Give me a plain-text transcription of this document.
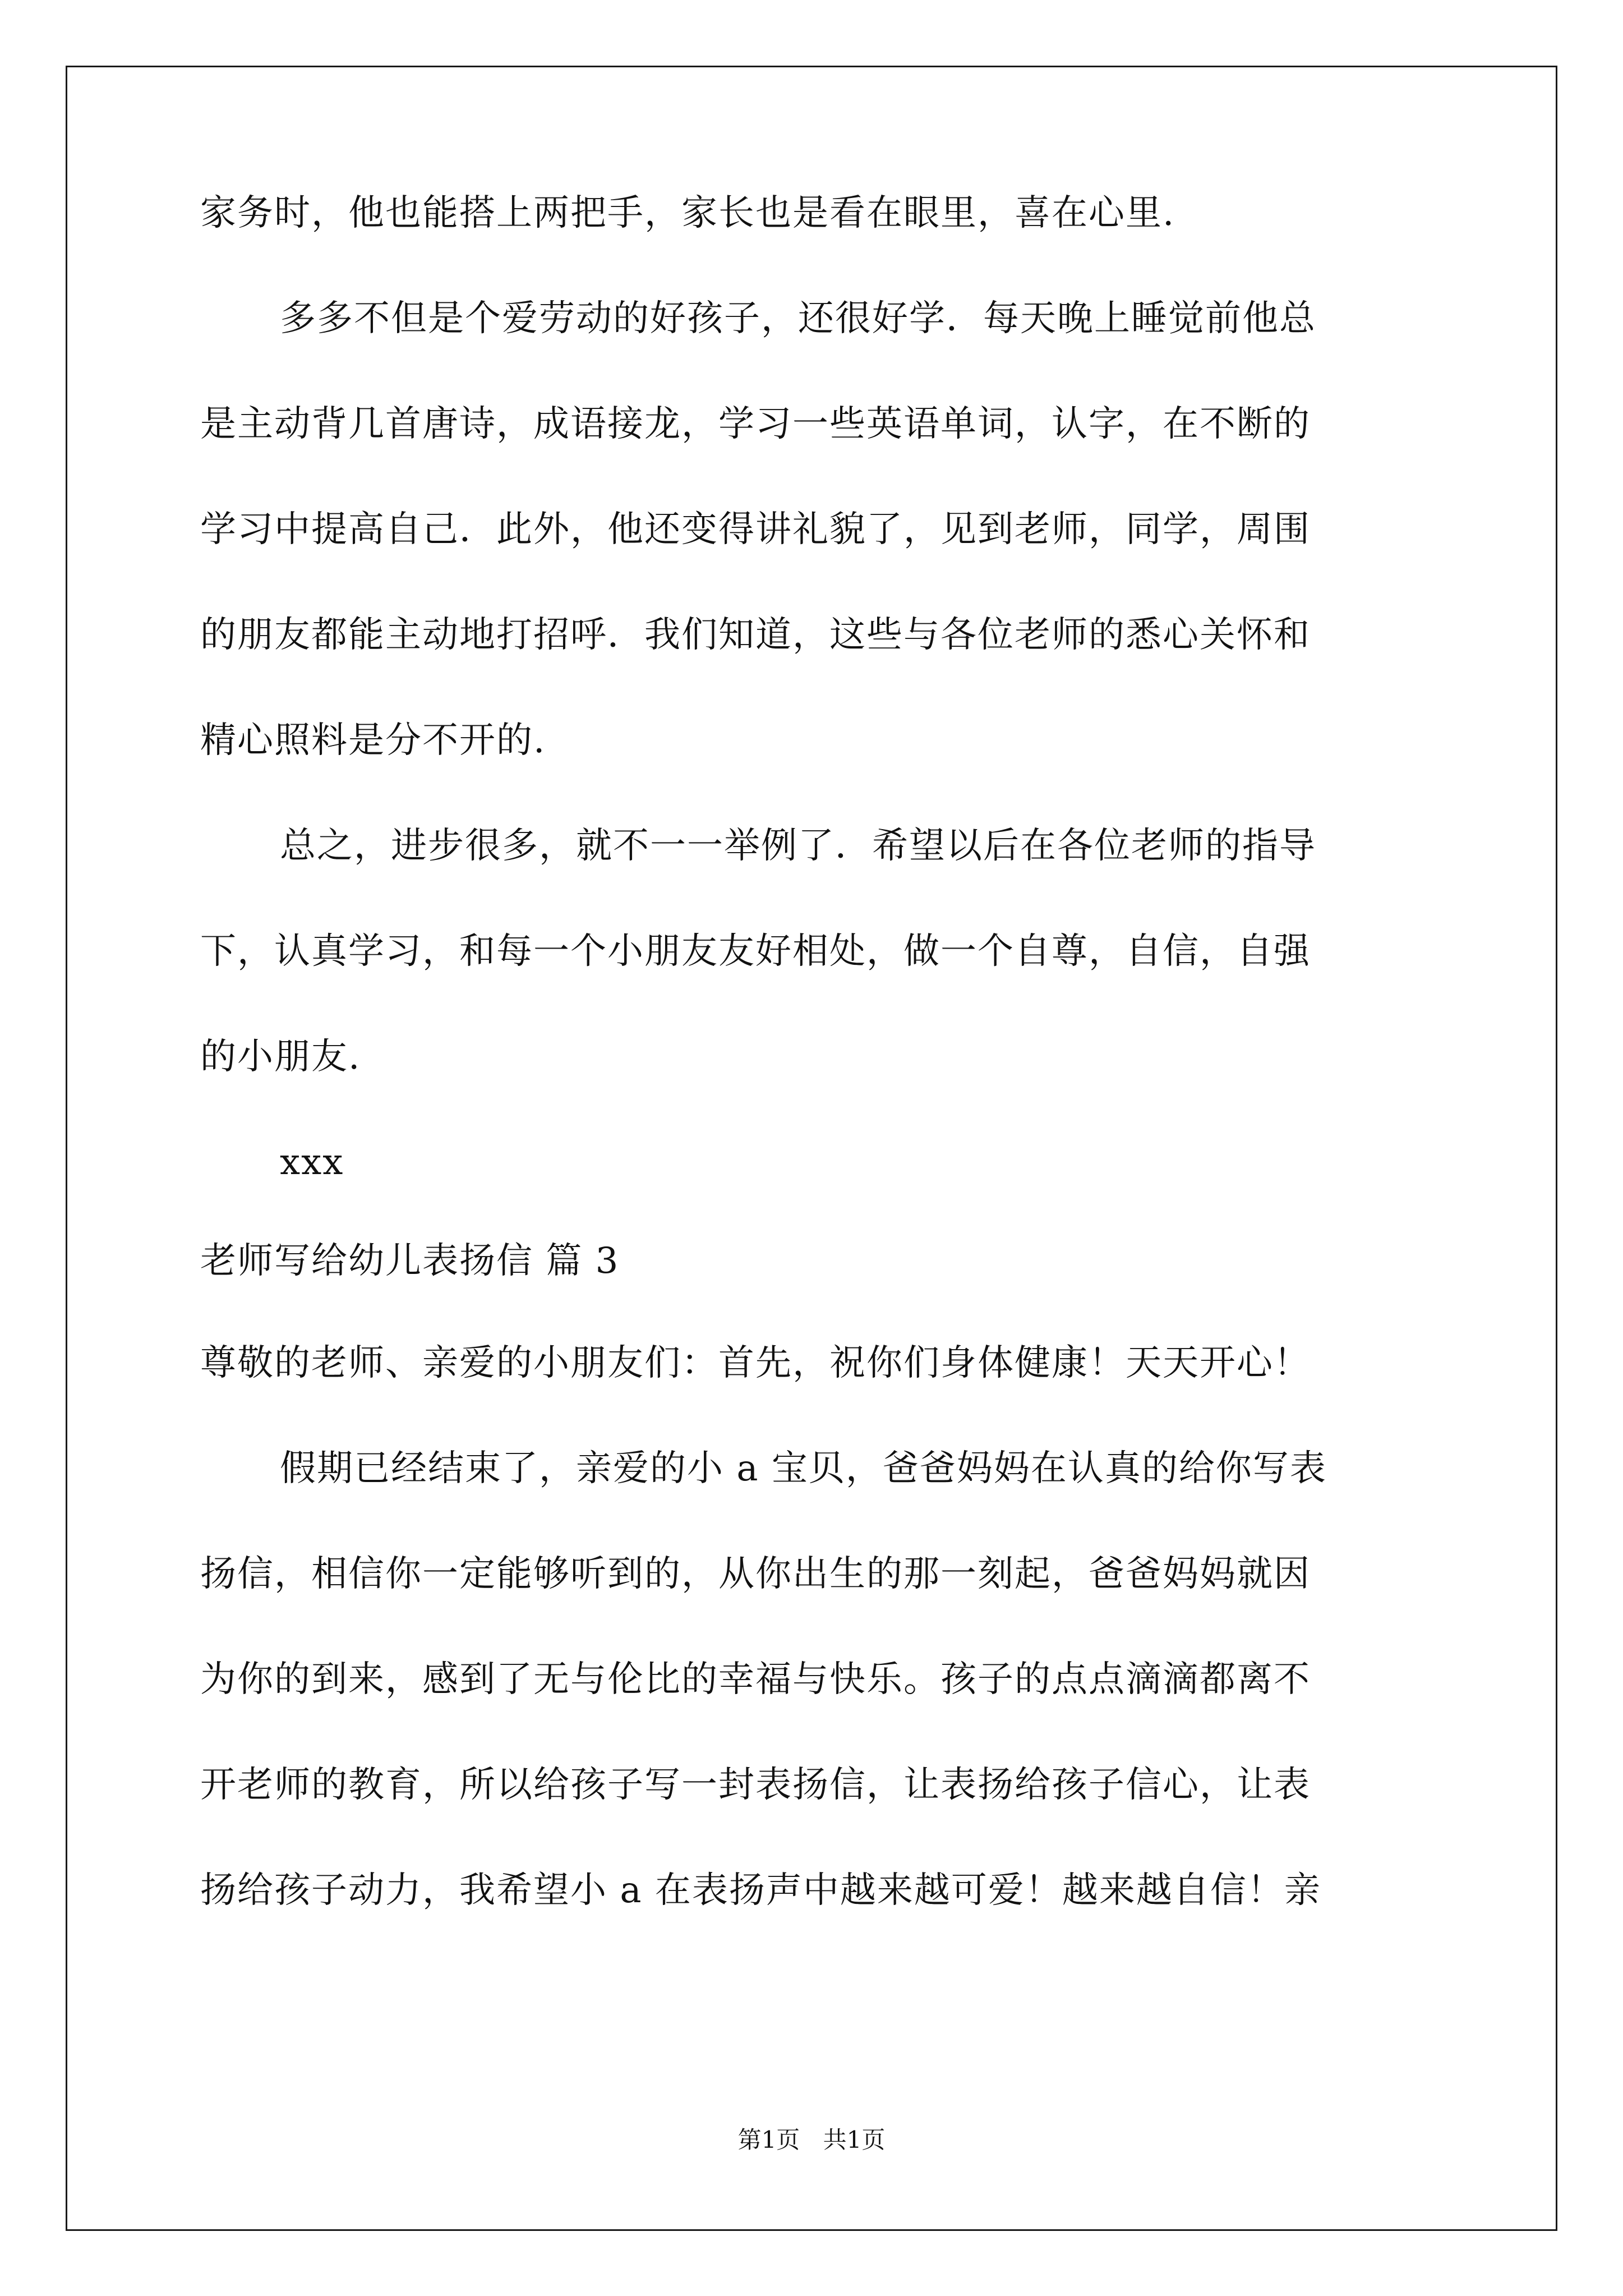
家务时，他也能搭上两把手，家长也是看在眼里，喜在心里.
多多不但是个爱劳动的好孩子，还很好学．每天晚上睡觉前他总
是主动背几首唐诗，成语接龙，学习一些英语单词，认字，在不断的
学习中提高自己．此外，他还变得讲礼貌了，见到老师，同学，周围
的朋友都能主动地打招呼．我们知道，这些与各位老师的悉心关怀和
精心照料是分不开的.
总之，进步很多，就不一一举例了．希望以后在各位老师的指导
下，认真学习，和每一个小朋友友好相处，做一个自尊，自信，自强
的小朋友.
xxx
老师写给幼儿表扬信 篇 3
尊敬的老师、亲爱的小朋友们：首先，祝你们身体健康！天天开心！
假期已经结束了，亲爱的小 a 宝贝，爸爸妈妈在认真的给你写表
扬信，相信你一定能够听到的，从你出生的那一刻起，爸爸妈妈就因
为你的到来，感到了无与伦比的幸福与快乐。孩子的点点滴滴都离不
开老师的教育，所以给孩子写一封表扬信，让表扬给孩子信心，让表
扬给孩子动力，我希望小 a 在表扬声中越来越可爱！越来越自信！亲
第1页 共1页
